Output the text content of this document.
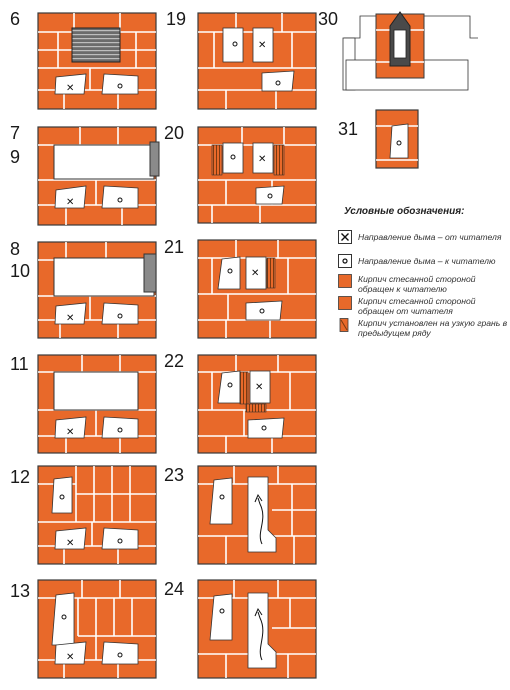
✕
✕
✕
✕
✕
✕
✕
✕
✕
✕
6
7
9
8
10
11
12
13
19
20
21
22
23
24
30
31
Условные обозначения:
Направление дыма – от читателя
Направление дыма – к читателю
Кирпич стесанной стороной обращен к читателю
Кирпич стесанной стороной обращен от читателя
Кирпич установлен на узкую грань в предыдущем ряду
